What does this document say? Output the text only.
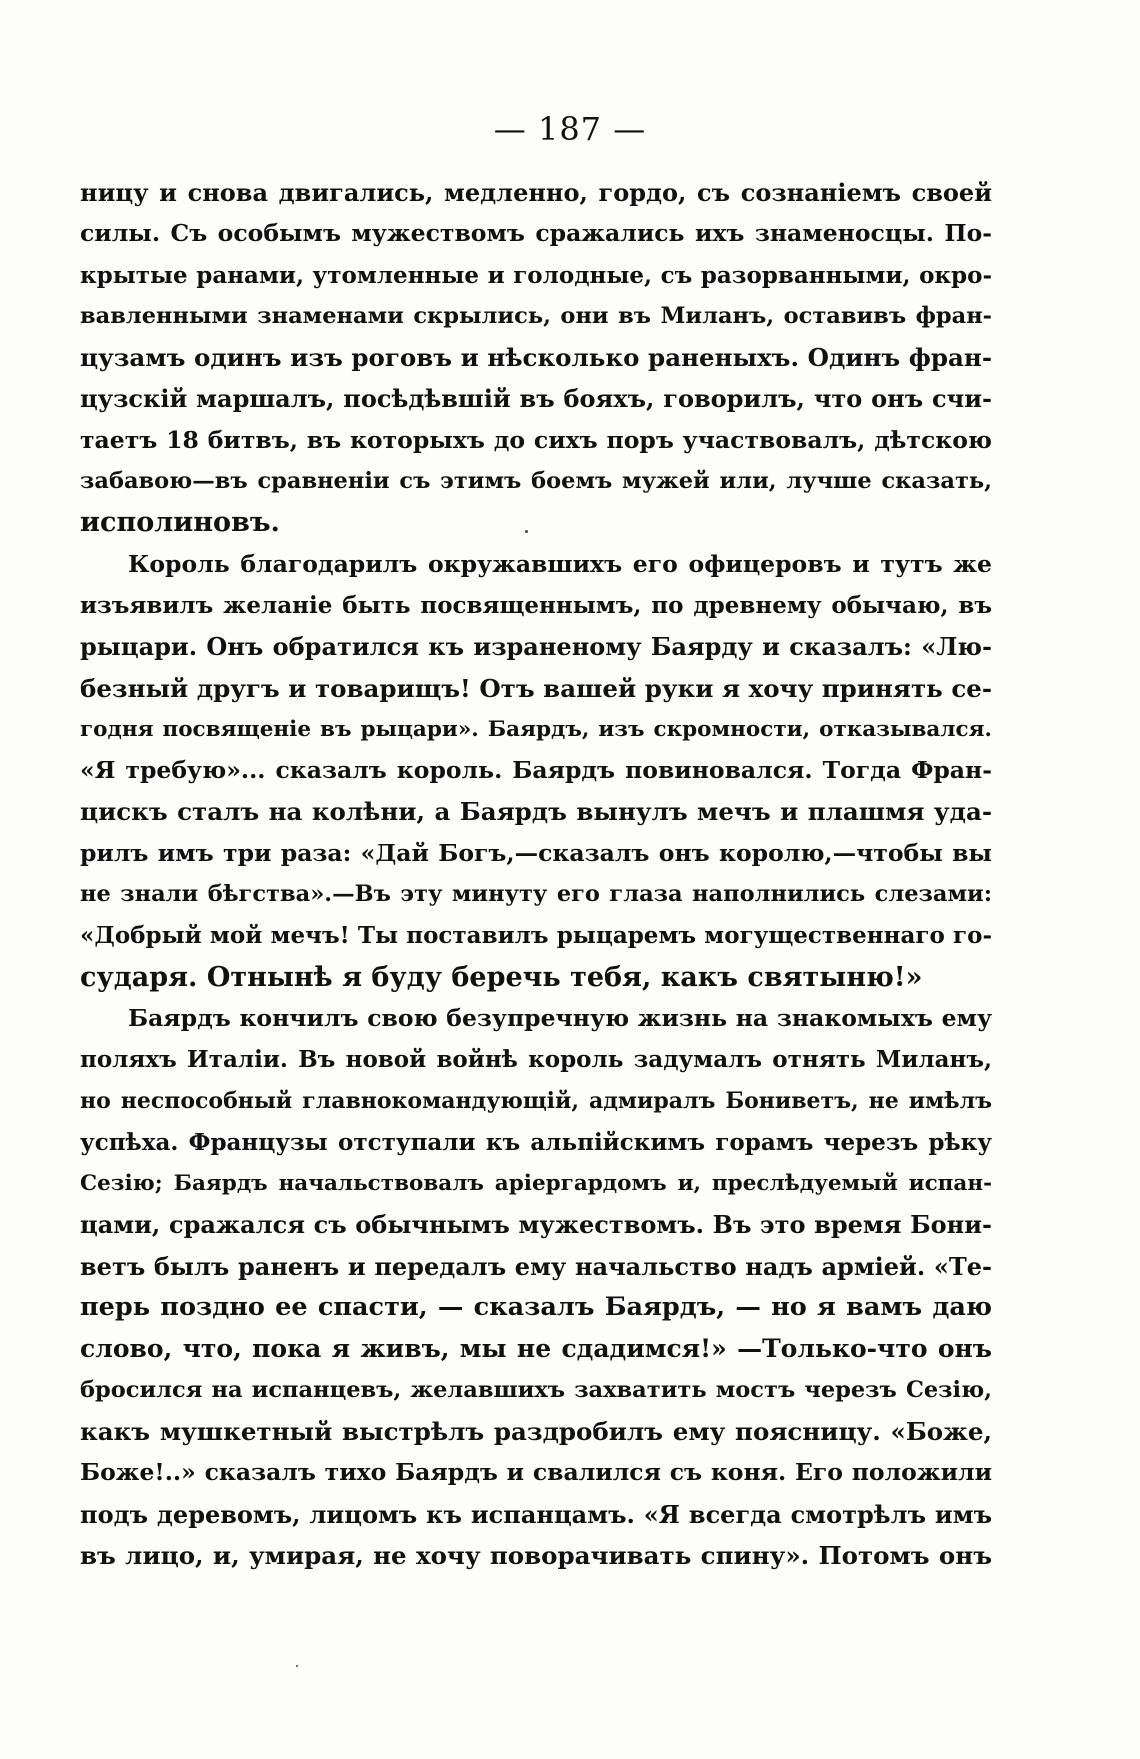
— 187 —
ницу и снова двигались, медленно, гордо, съ сознаніемъ своей
силы. Съ особымъ мужествомъ сражались ихъ знаменосцы. По-
крытые ранами, утомленные и голодные, съ разорванными, окро-
вавленными знаменами скрылись, они въ Миланъ, оставивъ фран-
цузамъ одинъ изъ роговъ и нѣсколько раненыхъ. Одинъ фран-
цузскій маршалъ, посѣдѣвшій въ бояхъ, говорилъ, что онъ счи-
таетъ 18 битвъ, въ которыхъ до сихъ поръ участвовалъ, дѣтскою
забавою—въ сравненіи съ этимъ боемъ мужей или, лучше сказать,
исполиновъ.
Король благодарилъ окружавшихъ его офицеровъ и тутъ же
изъявилъ желаніе быть посвященнымъ, по древнему обычаю, въ
рыцари. Онъ обратился къ израненому Баярду и сказалъ: «Лю-
безный другъ и товарищъ! Отъ вашей руки я хочу принять се-
годня посвященіе въ рыцари». Баярдъ, изъ скромности, отказывался.
«Я требую»... сказалъ король. Баярдъ повиновался. Тогда Фран-
цискъ сталъ на колѣни, а Баярдъ вынулъ мечъ и плашмя уда-
рилъ имъ три раза: «Дай Богъ,—сказалъ онъ королю,—чтобы вы
не знали бѣгства».—Въ эту минуту его глаза наполнились слезами:
«Добрый мой мечъ! Ты поставилъ рыцаремъ могущественнаго го-
сударя. Отнынѣ я буду беречь тебя, какъ святыню!»
Баярдъ кончилъ свою безупречную жизнь на знакомыхъ ему
поляхъ Италіи. Въ новой войнѣ король задумалъ отнять Миланъ,
но неспособный главнокомандующій, адмиралъ Бониветъ, не имѣлъ
успѣха. Французы отступали къ альпійскимъ горамъ черезъ рѣку
Сезію; Баярдъ начальствовалъ аріергардомъ и, преслѣдуемый испан-
цами, сражался съ обычнымъ мужествомъ. Въ это время Бони-
ветъ былъ раненъ и передалъ ему начальство надъ арміей. «Те-
перь поздно ее спасти, — сказалъ Баярдъ, — но я вамъ даю
слово, что, пока я живъ, мы не сдадимся!» —Только-что онъ
бросился на испанцевъ, желавшихъ захватить мостъ черезъ Сезію,
какъ мушкетный выстрѣлъ раздробилъ ему поясницу. «Боже,
Боже!..» сказалъ тихо Баярдъ и свалился съ коня. Его положили
подъ деревомъ, лицомъ къ испанцамъ. «Я всегда смотрѣлъ имъ
въ лицо, и, умирая, не хочу поворачивать спину». Потомъ онъ
